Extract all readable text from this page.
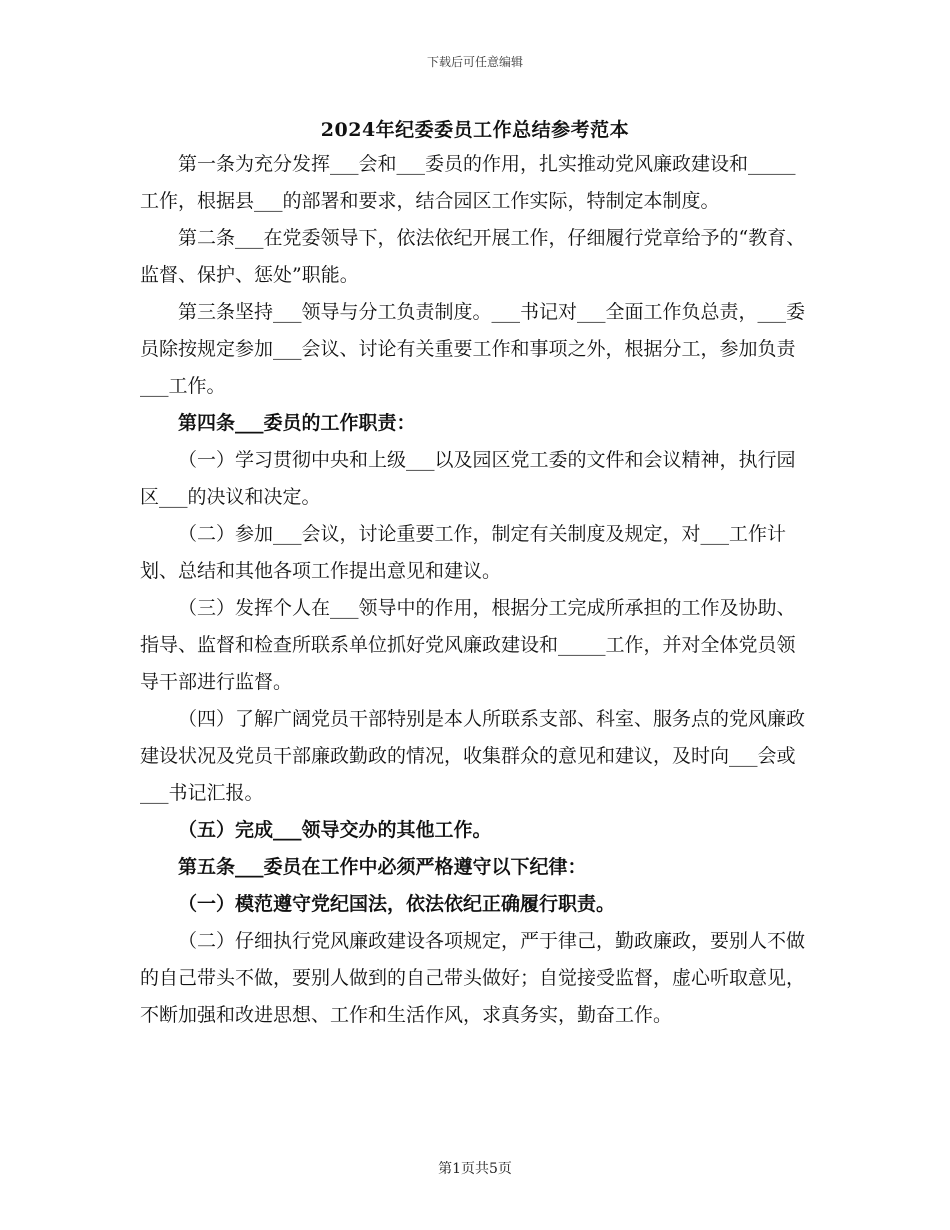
下载后可任意编辑
2024年纪委委员工作总结参考范本

第一条为充分发挥___会和___委员的作用，扎实推动党风廉政建设和_____工作，根据县___的部署和要求，结合园区工作实际，特制定本制度。

第二条___在党委领导下，依法依纪开展工作，仔细履行党章给予的“教育、监督、保护、惩处”职能。

第三条坚持___领导与分工负责制度。___书记对___全面工作负总责，___委员除按规定参加___会议、讨论有关重要工作和事项之外，根据分工，参加负责___工作。

第四条___委员的工作职责：

（一）学习贯彻中央和上级___以及园区党工委的文件和会议精神，执行园区___的决议和决定。

（二）参加___会议，讨论重要工作，制定有关制度及规定，对___工作计划、总结和其他各项工作提出意见和建议。

（三）发挥个人在___领导中的作用，根据分工完成所承担的工作及协助、指导、监督和检查所联系单位抓好党风廉政建设和_____工作，并对全体党员领导干部进行监督。

（四）了解广阔党员干部特别是本人所联系支部、科室、服务点的党风廉政建设状况及党员干部廉政勤政的情况，收集群众的意见和建议，及时向___会或___书记汇报。

（五）完成___领导交办的其他工作。

第五条___委员在工作中必须严格遵守以下纪律：

（一）模范遵守党纪国法，依法依纪正确履行职责。

（二）仔细执行党风廉政建设各项规定，严于律己，勤政廉政，要别人不做的自己带头不做，要别人做到的自己带头做好；自觉接受监督，虚心听取意见，不断加强和改进思想、工作和生活作风，求真务实，勤奋工作。

第1页共5页
